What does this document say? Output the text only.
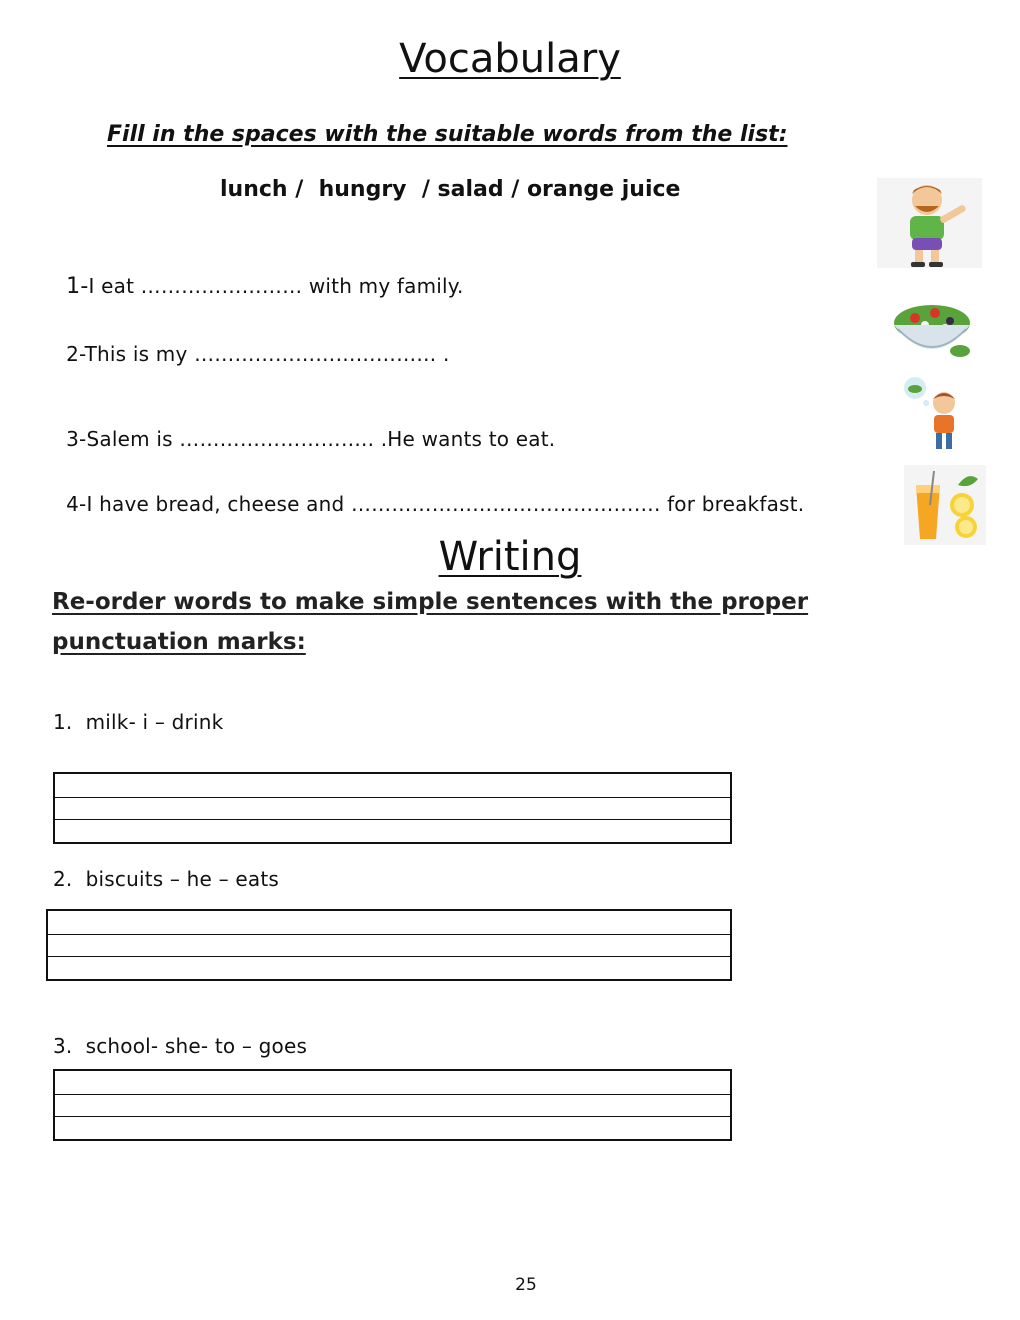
Vocabulary
Fill in the spaces with the suitable words from the list:
lunch /  hungry  / salad / orange juice

1-I eat …………………… with my family.

2-This is my ……………………………… .

3-Salem is ……………………….. .He wants to eat.

4-I have bread, cheese and ………………………………………. for breakfast.

Writing
Re-order words to make simple sentences with the proper
punctuation marks:
1.  milk- i – drink
2.  biscuits – he – eats
3.  school- she- to – goes
25
